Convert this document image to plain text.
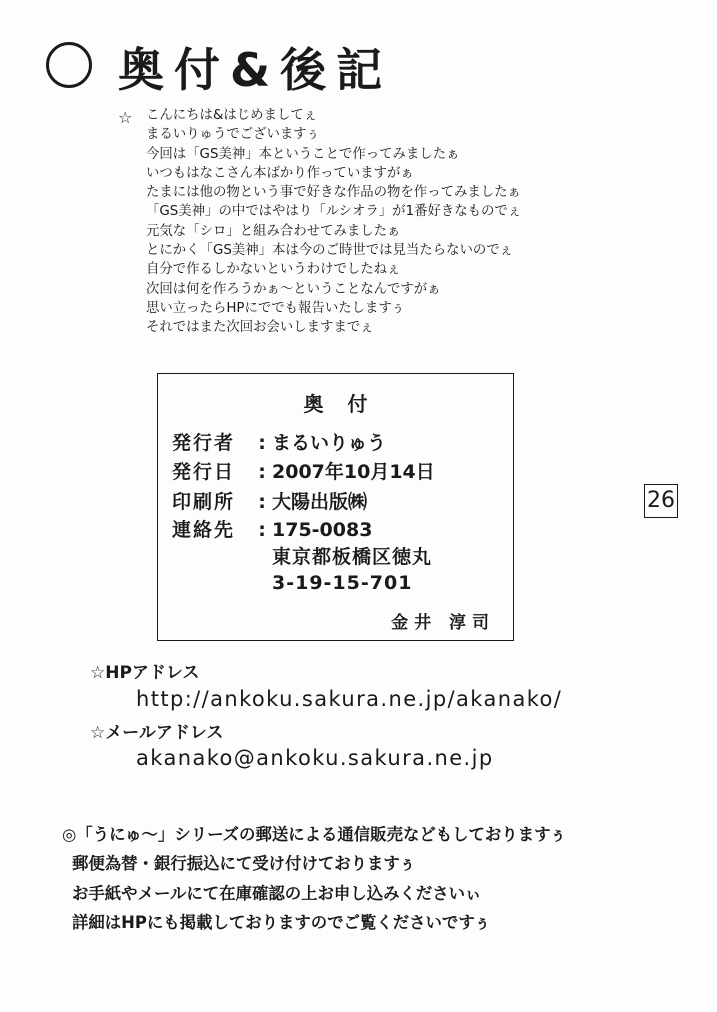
奥付&後記
☆ こんにちは&はじめましてぇ
まるいりゅうでございますぅ
今回は「GS美神」本ということで作ってみましたぁ
いつもはなこさん本ばかり作っていますがぁ
たまには他の物という事で好きな作品の物を作ってみましたぁ
「GS美神」の中ではやはり「ルシオラ」が1番好きなものでぇ
元気な「シロ」と組み合わせてみましたぁ
とにかく「GS美神」本は今のご時世では見当たらないのでぇ
自分で作るしかないというわけでしたねぇ
次回は何を作ろうかぁ〜ということなんですがぁ
思い立ったらHPにででも報告いたしますぅ
それではまた次回お会いしますまでぇ
奥付
発行者 : まるいりゅう
発行日 : 2007年10月14日
印刷所 : 大陽出版㈱
連絡先 : 175-0083
東京都板橋区徳丸
3-19-15-701
金井 淳司
26
☆HPアドレス
http://ankoku.sakura.ne.jp/akanako/
☆メールアドレス
akanako@ankoku.sakura.ne.jp
◎「うにゅ〜」シリーズの郵送による通信販売などもしておりますぅ
郵便為替・銀行振込にて受け付けておりますぅ
お手紙やメールにて在庫確認の上お申し込みくださいぃ
詳細はHPにも掲載しておりますのでご覧くださいですぅ
